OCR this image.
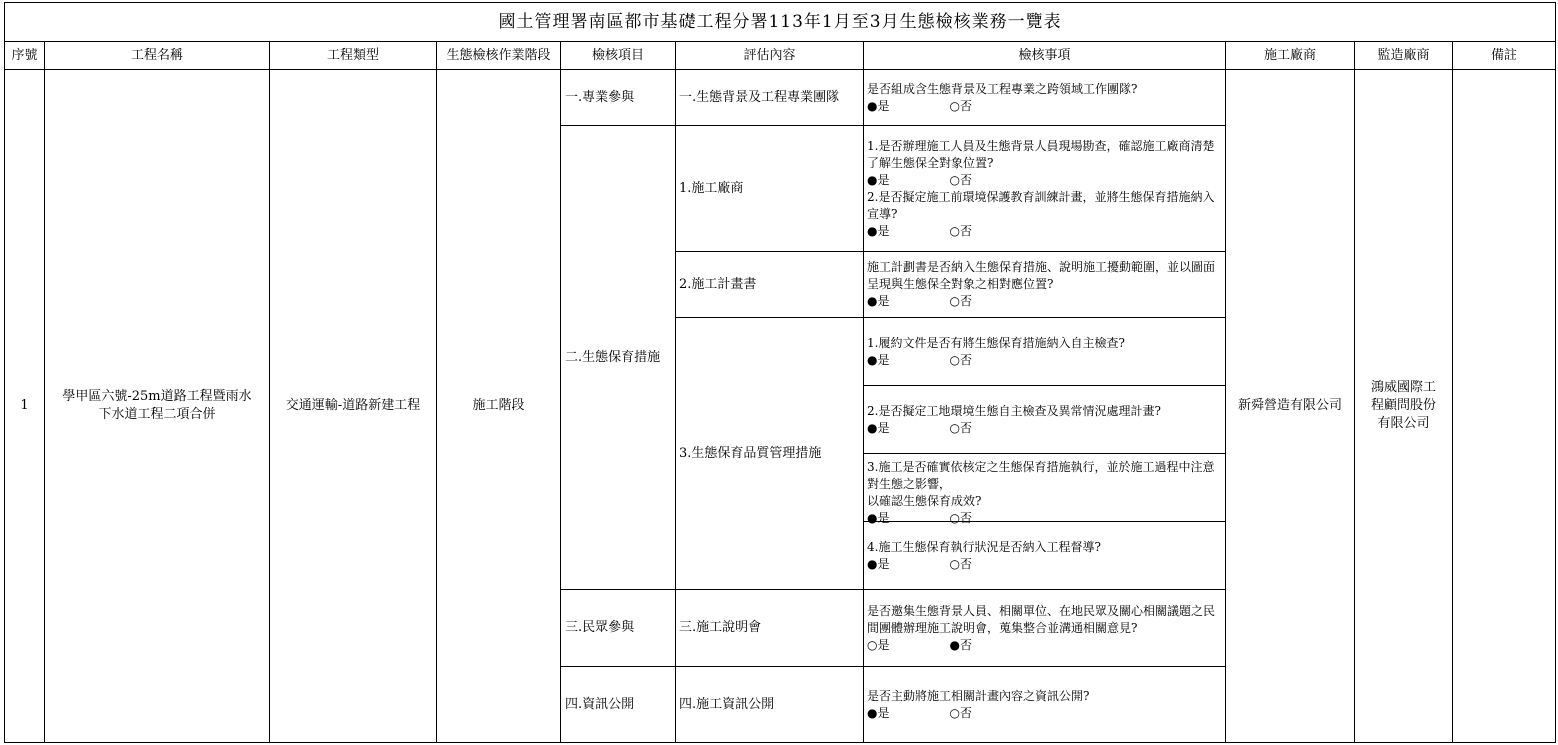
國土管理署南區都市基礎工程分署113年1月至3月生態檢核業務一覽表									
序號	工程名稱	工程類型	生態檢核作業階段	檢核項目	評估內容	檢核事項	施工廠商	監造廠商	備註
1	學甲區六號-25m道路工程暨雨水下水道工程二項合併	交通運輸-道路新建工程	施工階段	一.專業參與	一.生態背景及工程專業團隊	是否組成含生態背景及工程專業之跨領域工作團隊?
●是　　　　　○否	新舜營造有限公司	鴻威國際工程顧問股份有限公司	
				二.生態保育措施	1.施工廠商	1.是否辦理施工人員及生態背景人員現場勘查，確認施工廠商清楚了解生態保全對象位置?
●是　　　　　○否
2.是否擬定施工前環境保護教育訓練計畫，並將生態保育措施納入宣導?
●是　　　　　○否			

					2.施工計畫書	施工計劃書是否納入生態保育措施、說明施工擾動範圍，並以圖面呈現與生態保全對象之相對應位置?
●是　　　　　○否			

					3.生態保育品質管理措施	1.履約文件是否有將生態保育措施納入自主檢查?
●是　　　　　○否			

						2.是否擬定工地環境生態自主檢查及異常情況處理計畫?
●是　　　　　○否			

						3.施工是否確實依核定之生態保育措施執行，並於施工過程中注意對生態之影響，
以確認生態保育成效?
●是　　　　　○否			

						4.施工生態保育執行狀況是否納入工程督導?
●是　　　　　○否			

				三.民眾參與	三.施工說明會	是否邀集生態背景人員、相關單位、在地民眾及關心相關議題之民間團體辦理施工說明會，蒐集整合並溝通相關意見?
○是　　　　　●否			

				四.資訊公開	四.施工資訊公開	是否主動將施工相關計畫內容之資訊公開?
●是　　　　　○否			
